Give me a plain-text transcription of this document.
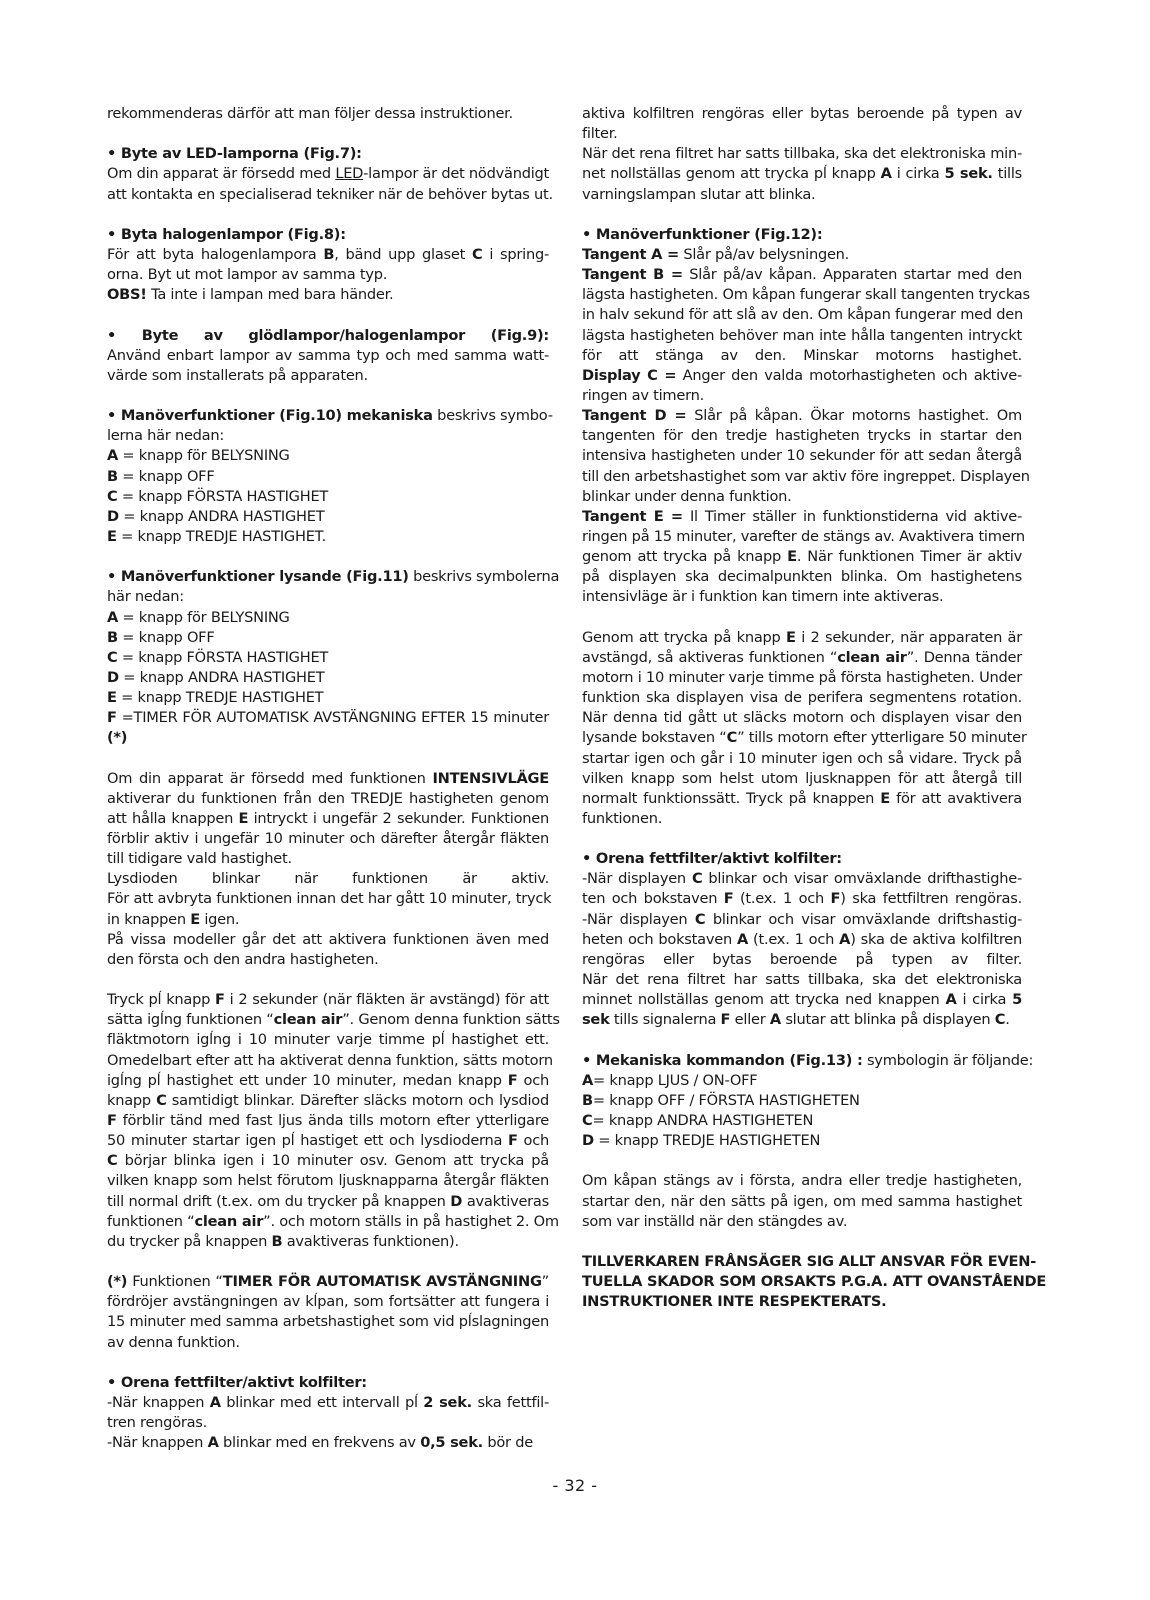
rekommenderas därför att man följer dessa instruktioner.
• Byte av LED-lamporna (Fig.7):
Om din apparat är försedd med LED-lampor är det nödvändigt
att kontakta en specialiserad tekniker när de behöver bytas ut.
• Byta halogenlampor (Fig.8):
För att byta halogenlampora B, bänd upp glaset C i spring-
orna. Byt ut mot lampor av samma typ.
OBS! Ta inte i lampan med bara händer.
• Byte av glödlampor/halogenlampor (Fig.9):
Använd enbart lampor av samma typ och med samma watt-
värde som installerats på apparaten.
• Manöverfunktioner (Fig.10) mekaniska beskrivs symbo-
lerna här nedan:
A = knapp för BELYSNING
B = knapp OFF
C = knapp FÖRSTA HASTIGHET
D = knapp ANDRA HASTIGHET
E = knapp TREDJE HASTIGHET.
• Manöverfunktioner lysande (Fig.11) beskrivs symbolerna
här nedan:
A = knapp för BELYSNING
B = knapp OFF
C = knapp FÖRSTA HASTIGHET
D = knapp ANDRA HASTIGHET
E = knapp TREDJE HASTIGHET
F =TIMER FÖR AUTOMATISK AVSTÄNGNING EFTER 15 minuter
(*)
Om din apparat är försedd med funktionen INTENSIVLÄGE
aktiverar du funktionen från den TREDJE hastigheten genom
att hålla knappen E intryckt i ungefär 2 sekunder. Funktionen
förblir aktiv i ungefär 10 minuter och därefter återgår fläkten
till tidigare vald hastighet.
Lysdioden blinkar när funktionen är aktiv.
För att avbryta funktionen innan det har gått 10 minuter, tryck
in knappen E igen.
På vissa modeller går det att aktivera funktionen även med
den första och den andra hastigheten.
Tryck pĺ knapp F i 2 sekunder (när fläkten är avstängd) för att
sätta igĺng funktionen “clean air”. Genom denna funktion sätts
fläktmotorn igĺng i 10 minuter varje timme pĺ hastighet ett.
Omedelbart efter att ha aktiverat denna funktion, sätts motorn
igĺng pĺ hastighet ett under 10 minuter, medan knapp F och
knapp C samtidigt blinkar. Därefter släcks motorn och lysdiod
F förblir tänd med fast ljus ända tills motorn efter ytterligare
50 minuter startar igen pĺ hastiget ett och lysdioderna F och
C börjar blinka igen i 10 minuter osv. Genom att trycka på
vilken knapp som helst förutom ljusknapparna återgår fläkten
till normal drift (t.ex. om du trycker på knappen D avaktiveras
funktionen “clean air”. och motorn ställs in på hastighet 2. Om
du trycker på knappen B avaktiveras funktionen).
(*) Funktionen “TIMER FÖR AUTOMATISK AVSTÄNGNING”
fördröjer avstängningen av kĺpan, som fortsätter att fungera i
15 minuter med samma arbetshastighet som vid pĺslagningen
av denna funktion.
• Orena fettfilter/aktivt kolfilter:
-När knappen A blinkar med ett intervall pĺ 2 sek. ska fettfil-
tren rengöras.
-När knappen A blinkar med en frekvens av 0,5 sek. bör de
aktiva kolfiltren rengöras eller bytas beroende på typen av
filter.
När det rena filtret har satts tillbaka, ska det elektroniska min-
net nollställas genom att trycka pĺ knapp A i cirka 5 sek. tills
varningslampan slutar att blinka.
• Manöverfunktioner (Fig.12):
Tangent A = Slår på/av belysningen.
Tangent B = Slår på/av kåpan. Apparaten startar med den
lägsta hastigheten. Om kåpan fungerar skall tangenten tryckas
in halv sekund för att slå av den. Om kåpan fungerar med den
lägsta hastigheten behöver man inte hålla tangenten intryckt
för att stänga av den. Minskar motorns hastighet.
Display C = Anger den valda motorhastigheten och aktive-
ringen av timern.
Tangent D = Slår på kåpan. Ökar motorns hastighet. Om
tangenten för den tredje hastigheten trycks in startar den
intensiva hastigheten under 10 sekunder för att sedan återgå
till den arbetshastighet som var aktiv före ingreppet. Displayen
blinkar under denna funktion.
Tangent E = Il Timer ställer in funktionstiderna vid aktive-
ringen på 15 minuter, varefter de stängs av. Avaktivera timern
genom att trycka på knapp E. När funktionen Timer är aktiv
på displayen ska decimalpunkten blinka. Om hastighetens
intensivläge är i funktion kan timern inte aktiveras.
Genom att trycka på knapp E i 2 sekunder, när apparaten är
avstängd, så aktiveras funktionen “clean air”. Denna tänder
motorn i 10 minuter varje timme på första hastigheten. Under
funktion ska displayen visa de perifera segmentens rotation.
När denna tid gått ut släcks motorn och displayen visar den
lysande bokstaven “C” tills motorn efter ytterligare 50 minuter
startar igen och går i 10 minuter igen och så vidare. Tryck på
vilken knapp som helst utom ljusknappen för att återgå till
normalt funktionssätt. Tryck på knappen E för att avaktivera
funktionen.
• Orena fettfilter/aktivt kolfilter:
-När displayen C blinkar och visar omväxlande drifthastighe-
ten och bokstaven F (t.ex. 1 och F) ska fettfiltren rengöras.
-När displayen C blinkar och visar omväxlande driftshastig-
heten och bokstaven A (t.ex. 1 och A) ska de aktiva kolfiltren
rengöras eller bytas beroende på typen av filter.
När det rena filtret har satts tillbaka, ska det elektroniska
minnet nollställas genom att trycka ned knappen A i cirka 5
sek tills signalerna F eller A slutar att blinka på displayen C.
• Mekaniska kommandon (Fig.13) : symbologin är följande:
A= knapp LJUS / ON-OFF
B= knapp OFF / FÖRSTA HASTIGHETEN
C= knapp ANDRA HASTIGHETEN
D = knapp TREDJE HASTIGHETEN
Om kåpan stängs av i första, andra eller tredje hastigheten,
startar den, när den sätts på igen, om med samma hastighet
som var inställd när den stängdes av.
TILLVERKAREN FRÅNSÄGER SIG ALLT ANSVAR FÖR EVEN-
TUELLA SKADOR SOM ORSAKTS P.G.A. ATT OVANSTÅENDE
INSTRUKTIONER INTE RESPEKTERATS.
- 32 -
